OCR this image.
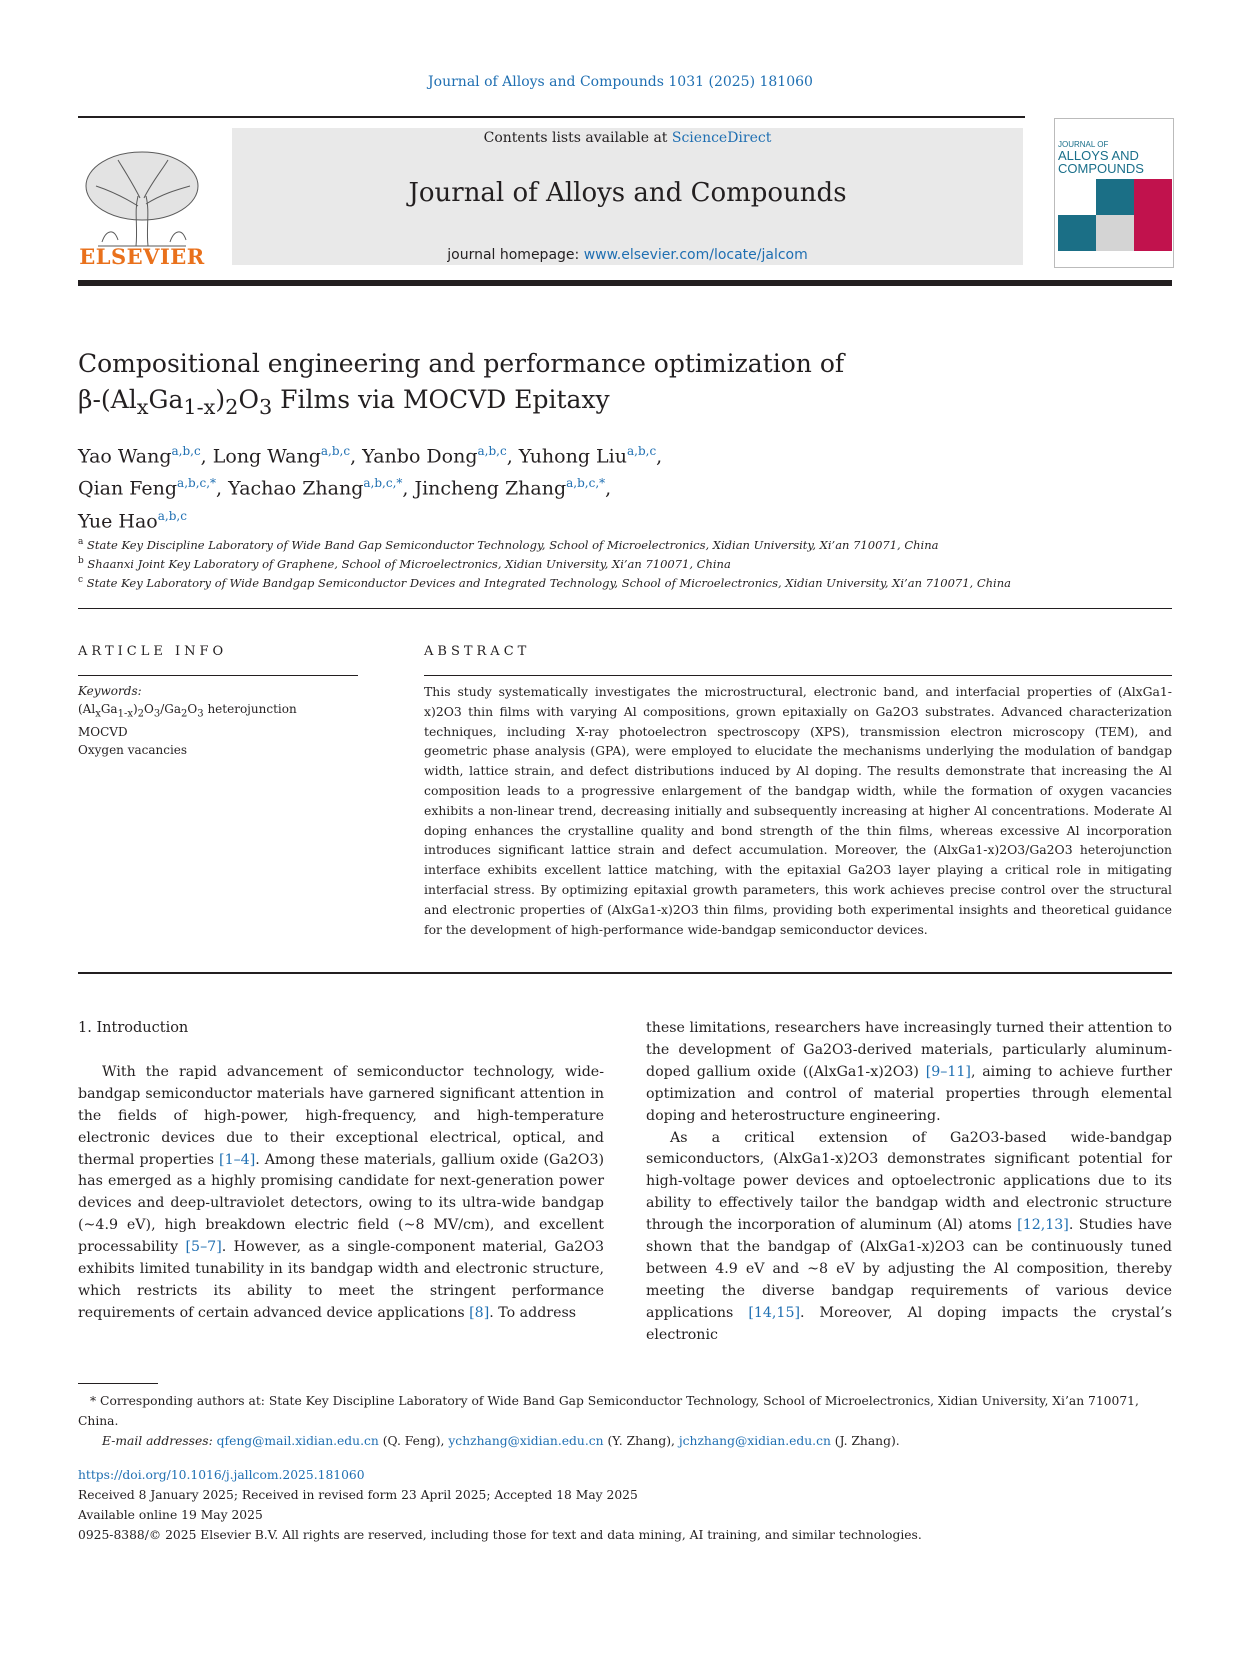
Journal of Alloys and Compounds 1031 (2025) 181060
ELSEVIER
Contents lists available at ScienceDirect
Journal of Alloys and Compounds
journal homepage: www.elsevier.com/locate/jalcom
JOURNAL OF
ALLOYS AND
COMPOUNDS
Compositional engineering and performance optimization of
$\beta-(Al_xGa_{1-x})_2O_3$ Films via MOCVD Epitaxy
Yao Wang$^{a,b,c}$, Long Wang$^{a,b,c}$, Yanbo Dong$^{a,b,c}$, Yuhong Liu$^{a,b,c}$,
Qian Feng$^{a,b,c,*}$, Yachao Zhang$^{a,b,c,*}$, Jincheng Zhang$^{a,b,c,*}$,
Yue Hao$^{a,b,c}$
$^a$ State Key Discipline Laboratory of Wide Band Gap Semiconductor Technology, School of Microelectronics, Xidian University, Xi’an 710071, China
$^b$ Shaanxi Joint Key Laboratory of Graphene, School of Microelectronics, Xidian University, Xi’an 710071, China
$^c$ State Key Laboratory of Wide Bandgap Semiconductor Devices and Integrated Technology, School of Microelectronics, Xidian University, Xi’an 710071, China
ARTICLE INFO	ABSTRACT
Keywords:
$(Al_xGa_{1-x})_2O_3/Ga_2O_3$ heterojunction
MOCVD
Oxygen vacancies
This study systematically investigates the microstructural, electronic band, and interfacial properties of (AlxGa1-x)2O3 thin films with varying Al compositions, grown epitaxially on Ga2O3 substrates. Advanced characterization techniques, including X-ray photoelectron spectroscopy (XPS), transmission electron microscopy (TEM), and geometric phase analysis (GPA), were employed to elucidate the mechanisms underlying the modulation of bandgap width, lattice strain, and defect distributions induced by Al doping. The results demonstrate that increasing the Al composition leads to a progressive enlargement of the bandgap width, while the formation of oxygen vacancies exhibits a non-linear trend, decreasing initially and subsequently increasing at higher Al concentrations. Moderate Al doping enhances the crystalline quality and bond strength of the thin films, whereas excessive Al incorporation introduces significant lattice strain and defect accumulation. Moreover, the (AlxGa1-x)2O3/Ga2O3 heterojunction interface exhibits excellent lattice matching, with the epitaxial Ga2O3 layer playing a critical role in mitigating interfacial stress. By optimizing epitaxial growth parameters, this work achieves precise control over the structural and electronic properties of (AlxGa1-x)2O3 thin films, providing both experimental insights and theoretical guidance for the development of high-performance wide-bandgap semiconductor devices.

1. Introduction

With the rapid advancement of semiconductor technology, wide-bandgap semiconductor materials have garnered significant attention in the fields of high-power, high-frequency, and high-temperature electronic devices due to their exceptional electrical, optical, and thermal properties [1–4]. Among these materials, gallium oxide (Ga2O3) has emerged as a highly promising candidate for next-generation power devices and deep-ultraviolet detectors, owing to its ultra-wide bandgap (~4.9 eV), high breakdown electric field (~8 MV/cm), and excellent processability [5–7]. However, as a single-component material, Ga2O3 exhibits limited tunability in its bandgap width and electronic structure, which restricts its ability to meet the stringent performance requirements of certain advanced device applications [8]. To address

these limitations, researchers have increasingly turned their attention to the development of Ga2O3-derived materials, particularly aluminum-doped gallium oxide ((AlxGa1-x)2O3) [9–11], aiming to achieve further optimization and control of material properties through elemental doping and heterostructure engineering.

As a critical extension of Ga2O3-based wide-bandgap semiconductors, (AlxGa1-x)2O3 demonstrates significant potential for high-voltage power devices and optoelectronic applications due to its ability to effectively tailor the bandgap width and electronic structure through the incorporation of aluminum (Al) atoms [12,13]. Studies have shown that the bandgap of (AlxGa1-x)2O3 can be continuously tuned between 4.9 eV and ~8 eV by adjusting the Al composition, thereby meeting the diverse bandgap requirements of various device applications [14,15]. Moreover, Al doping impacts the crystal’s electronic

* Corresponding authors at: State Key Discipline Laboratory of Wide Band Gap Semiconductor Technology, School of Microelectronics, Xidian University, Xi’an 710071, China.
E-mail addresses: qfeng@mail.xidian.edu.cn (Q. Feng), ychzhang@xidian.edu.cn (Y. Zhang), jchzhang@xidian.edu.cn (J. Zhang).
https://doi.org/10.1016/j.jallcom.2025.181060
Received 8 January 2025; Received in revised form 23 April 2025; Accepted 18 May 2025
Available online 19 May 2025
0925-8388/© 2025 Elsevier B.V. All rights are reserved, including those for text and data mining, AI training, and similar technologies.
